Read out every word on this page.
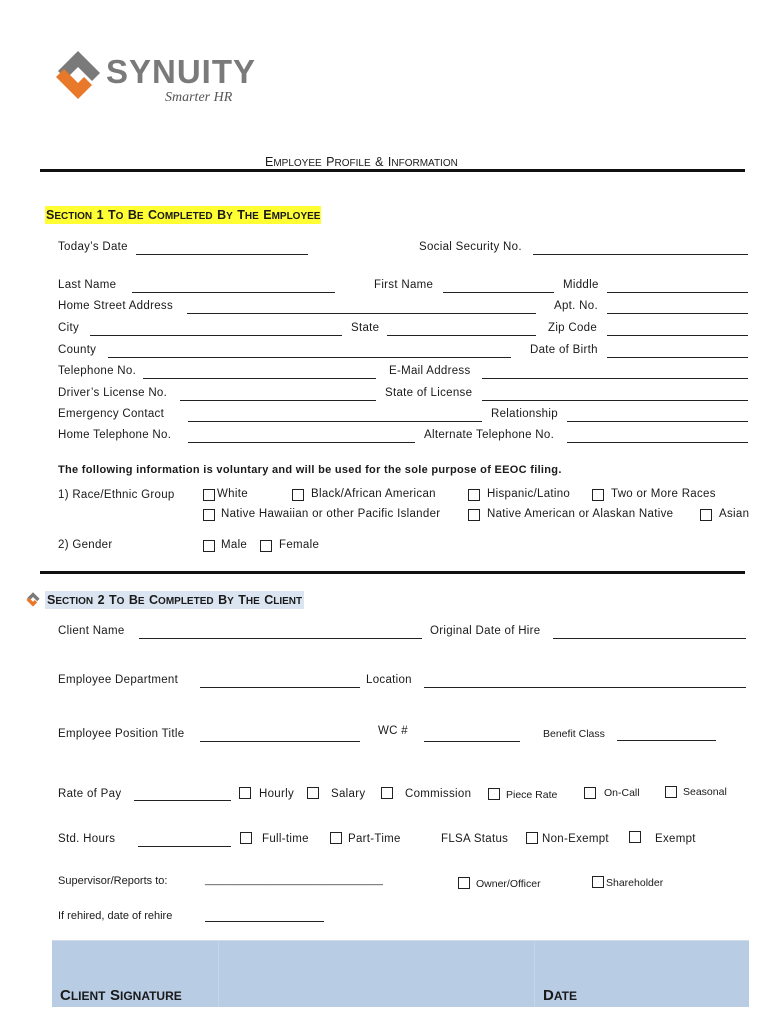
SYNUITY
Smarter HR
EMPLOYEE PROFILE & INFORMATION
SECTION 1 TO BE COMPLETED BY THE EMPLOYEE
Today’s Date	Social Security No.
Last Name	First Name	Middle
Home Street Address	Apt. No.
City	State	Zip Code
County	Date of Birth
Telephone No.	E-Mail Address
Driver’s License No.	State of License
Emergency Contact	Relationship
Home Telephone No.	Alternate Telephone No.
The following information is voluntary and will be used for the sole purpose of EEOC filing.
1) Race/Ethnic Group	White	Black/African American	Hispanic/Latino	Two or More Races
Native Hawaiian or other Pacific Islander	Native American or Alaskan Native	Asian
2) Gender	Male	Female
SECTION 2 TO BE COMPLETED BY THE CLIENT
Client Name	Original Date of Hire
Employee Department	Location
Employee Position Title	WC #	Benefit Class
Rate of Pay	Hourly	Salary	Commission	Piece Rate	On-Call	Seasonal
Std. Hours	Full-time	Part-Time	FLSA Status	Non-Exempt	Exempt
Supervisor/Reports to:	________________________________	Owner/Officer	Shareholder
If rehired, date of rehire
CLIENT SIGNATURE	DATE
